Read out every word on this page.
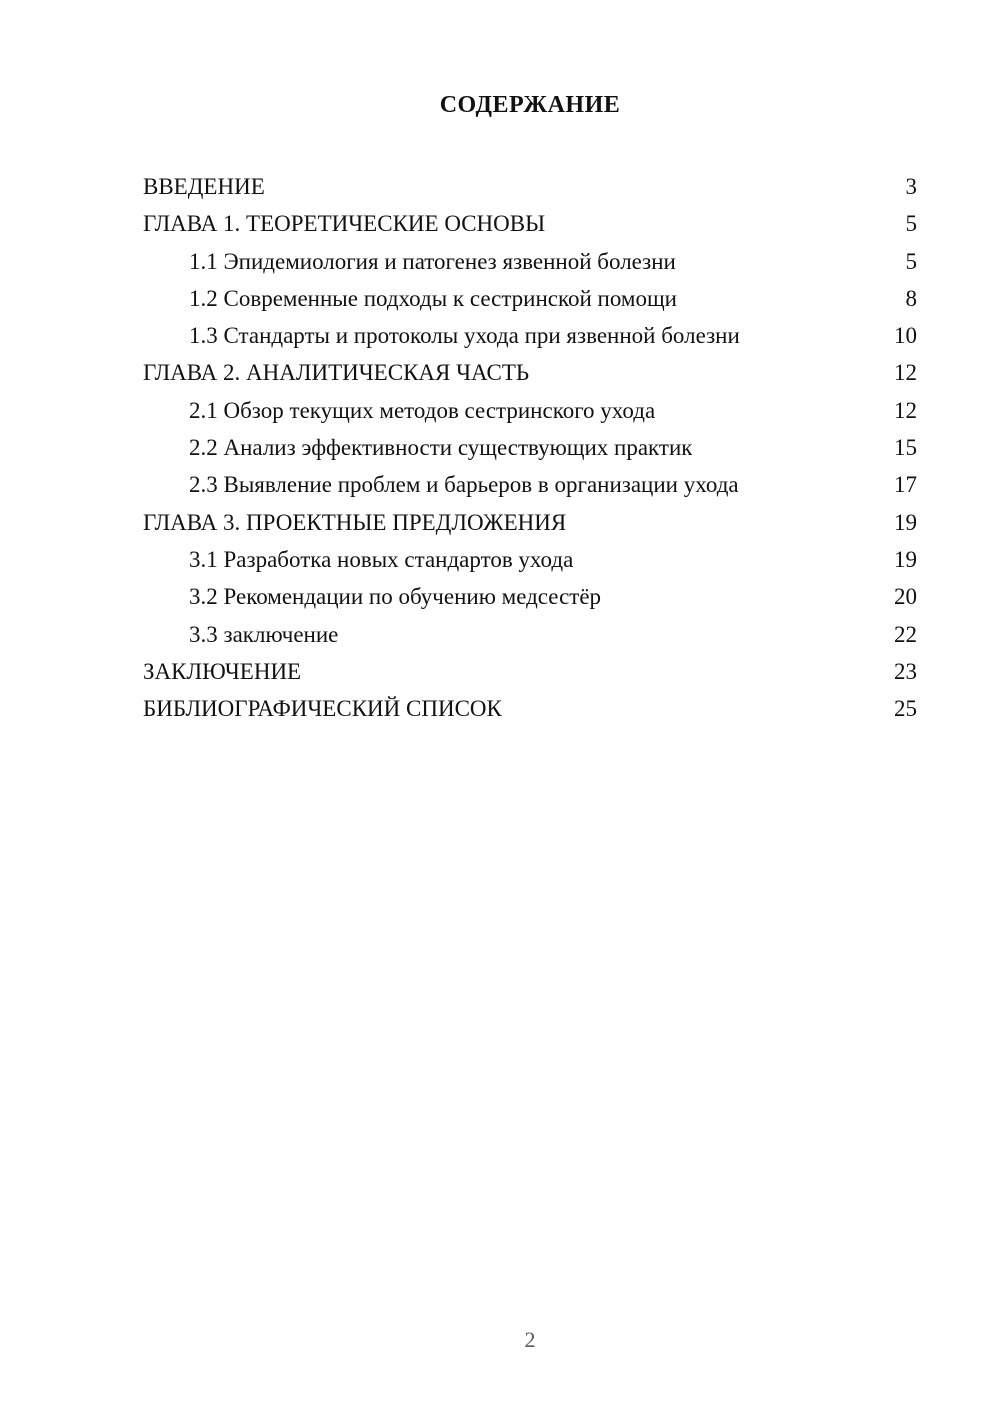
СОДЕРЖАНИЕ
ВВЕДЕНИЕ	3
ГЛАВА 1. ТЕОРЕТИЧЕСКИЕ ОСНОВЫ	5
1.1 Эпидемиология и патогенез язвенной болезни	5
1.2 Современные подходы к сестринской помощи	8
1.3 Стандарты и протоколы ухода при язвенной болезни	10
ГЛАВА 2. АНАЛИТИЧЕСКАЯ ЧАСТЬ	12
2.1 Обзор текущих методов сестринского ухода	12
2.2 Анализ эффективности существующих практик	15
2.3 Выявление проблем и барьеров в организации ухода	17
ГЛАВА 3. ПРОЕКТНЫЕ ПРЕДЛОЖЕНИЯ	19
3.1 Разработка новых стандартов ухода	19
3.2 Рекомендации по обучению медсестёр	20
3.3 заключение	22
ЗАКЛЮЧЕНИЕ	23
БИБЛИОГРАФИЧЕСКИЙ СПИСОК	25
2
